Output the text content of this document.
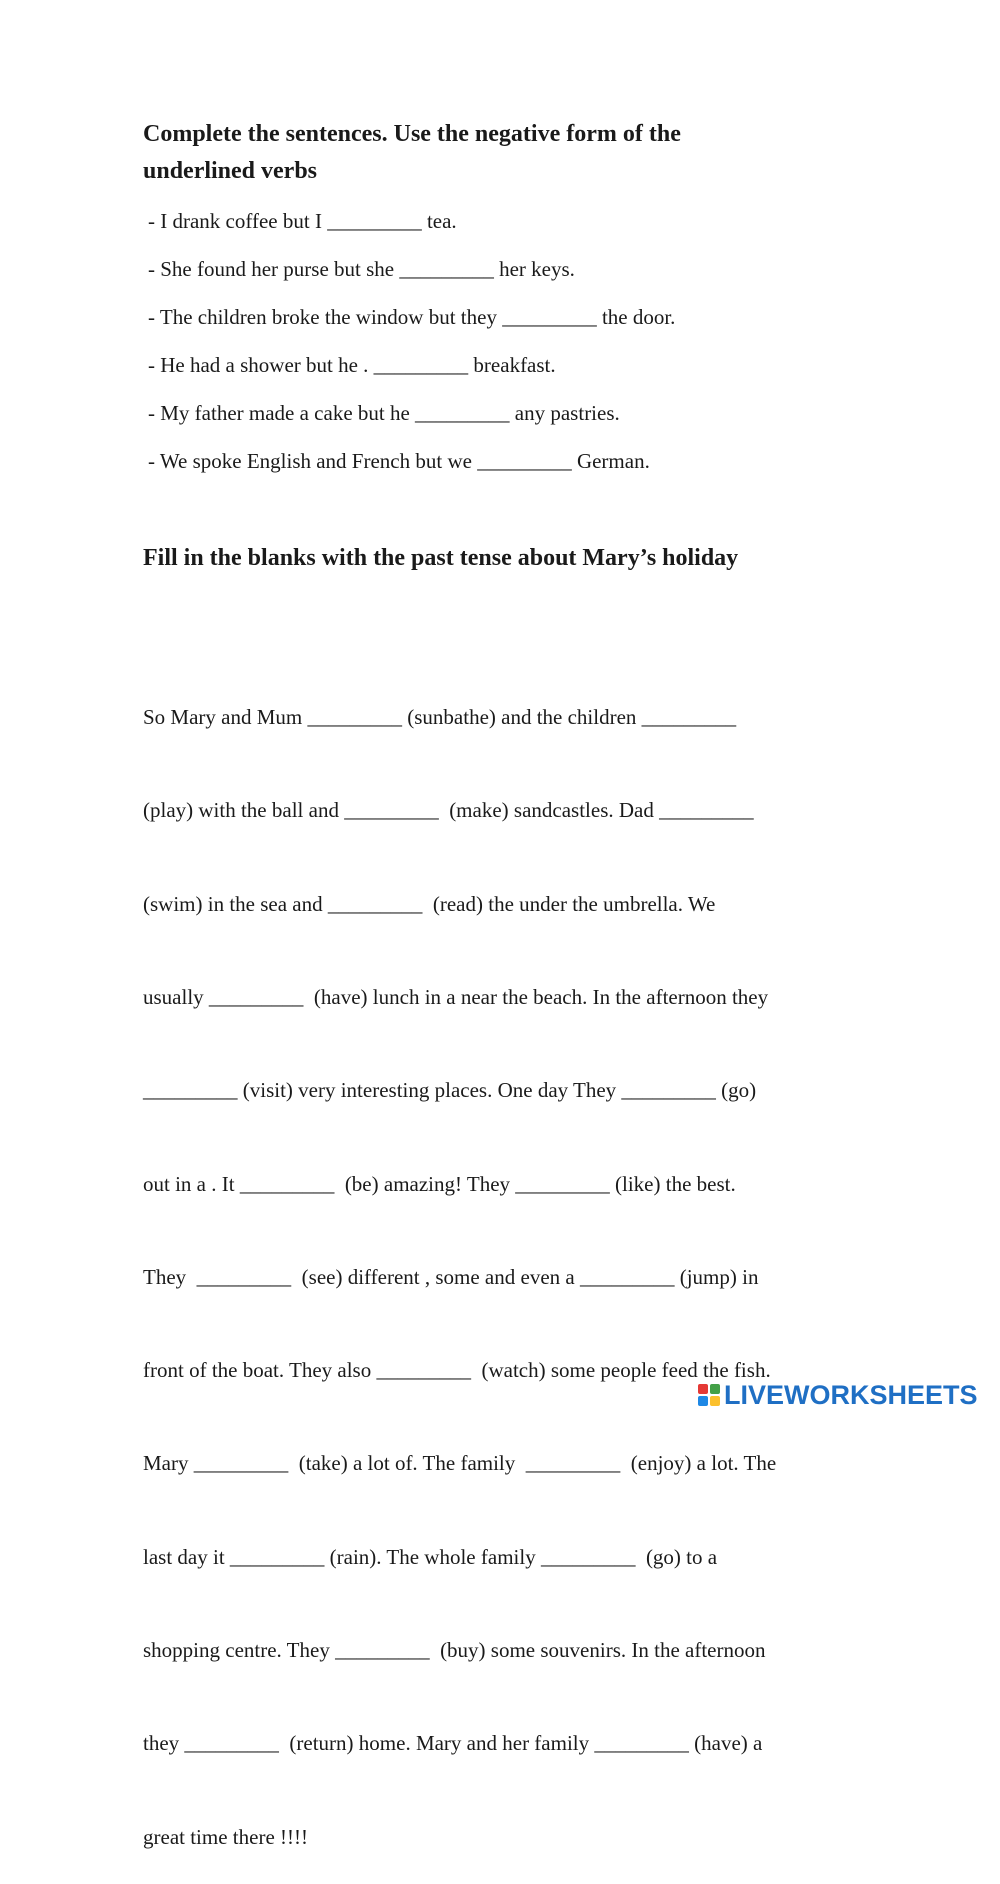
Complete the sentences. Use the negative form of the underlined verbs
- I drank coffee but I _________ tea.
- She found her purse but she _________ her keys.
- The children broke the window but they _________ the door.
- He had a shower but he . _________ breakfast.
- My father made a cake but he _________ any pastries.
- We spoke English and French but we _________ German.
Fill in the blanks with the past tense about Mary’s holiday

So Mary and Mum _________ (sunbathe) and the children _________

(play) with the ball and _________  (make) sandcastles. Dad _________

(swim) in the sea and _________  (read) the under the umbrella. We

usually _________  (have) lunch in a near the beach. In the afternoon they

_________ (visit) very interesting places. One day They _________ (go)

out in a . It _________  (be) amazing! They _________ (like) the best.

They  _________  (see) different , some and even a _________ (jump) in

front of the boat. They also _________  (watch) some people feed the fish.

Mary _________  (take) a lot of. The family  _________  (enjoy) a lot. The

last day it _________ (rain). The whole family _________  (go) to a

shopping centre. They _________  (buy) some souvenirs. In the afternoon

they _________  (return) home. Mary and her family _________ (have) a

great time there !!!!

LIVEWORKSHEETS
